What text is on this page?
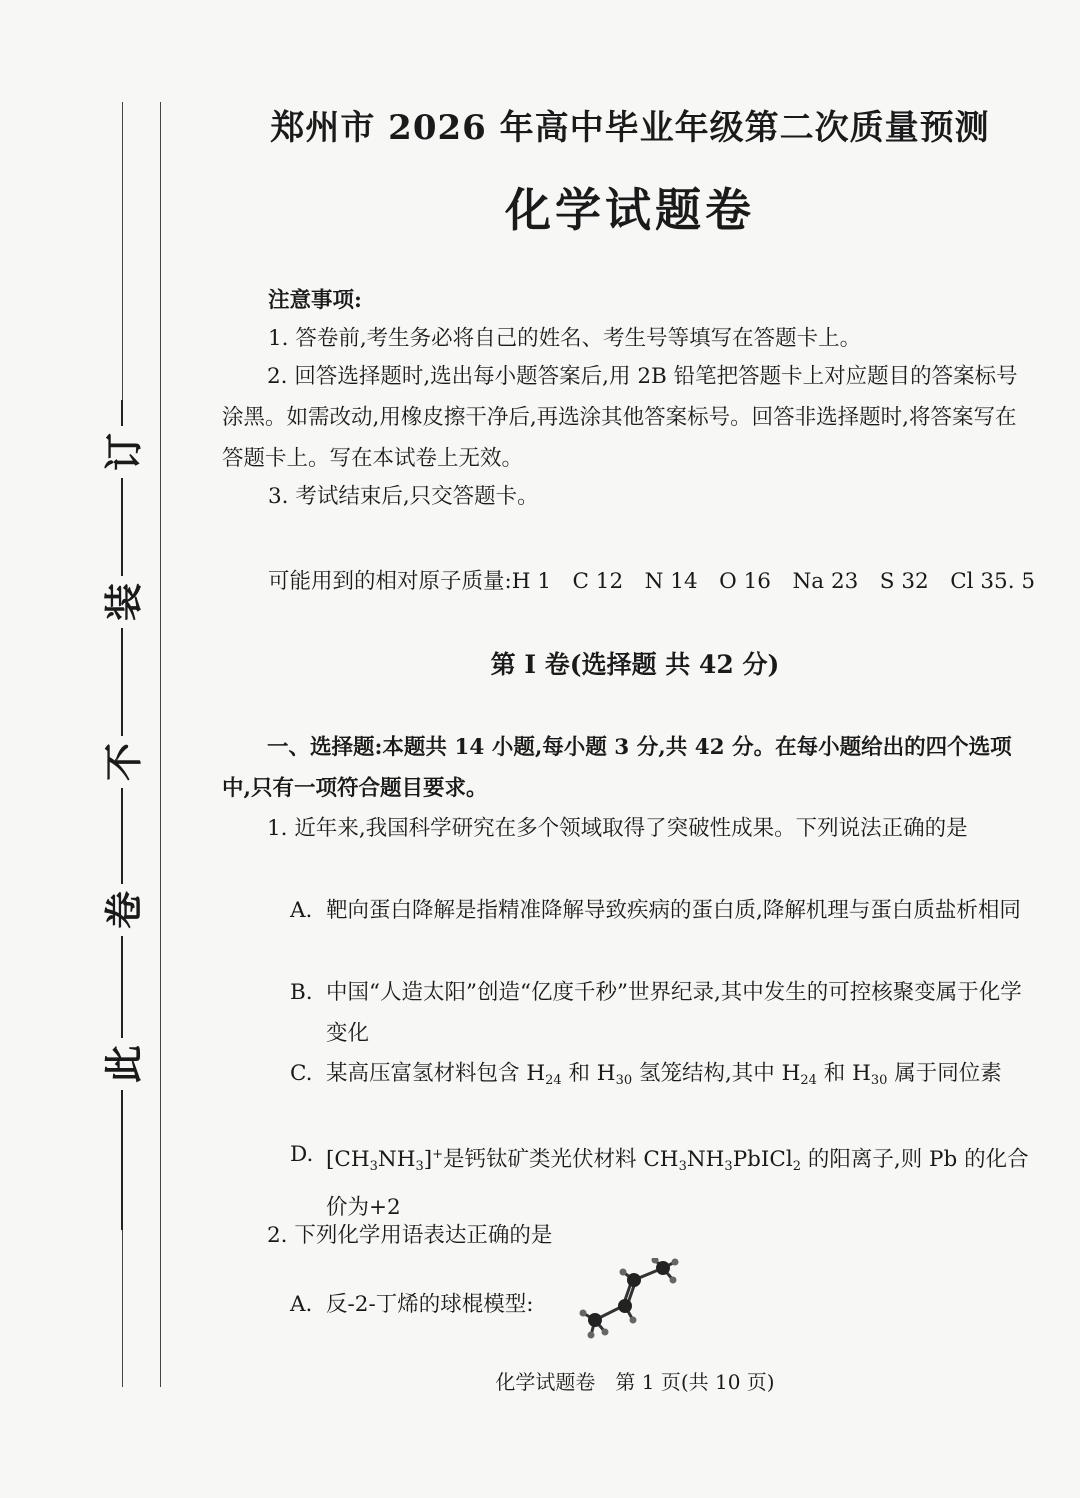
此
卷
不
装
订
郑州市 2026 年高中毕业年级第二次质量预测
化学试题卷
注意事项:
1. 答卷前,考生务必将自己的姓名、考生号等填写在答题卡上。
2. 回答选择题时,选出每小题答案后,用 2B 铅笔把答题卡上对应题目的答案标号涂黑。如需改动,用橡皮擦干净后,再选涂其他答案标号。回答非选择题时,将答案写在答题卡上。写在本试卷上无效。
3. 考试结束后,只交答题卡。
可能用到的相对原子质量:H 1　C 12　N 14　O 16　Na 23　S 32　Cl 35. 5
第 I 卷(选择题 共 42 分)
一、选择题:本题共 14 小题,每小题 3 分,共 42 分。在每小题给出的四个选项中,只有一项符合题目要求。
1. 近年来,我国科学研究在多个领域取得了突破性成果。下列说法正确的是
A. 靶向蛋白降解是指精准降解导致疾病的蛋白质,降解机理与蛋白质盐析相同
B. 中国“人造太阳”创造“亿度千秒”世界纪录,其中发生的可控核聚变属于化学变化
C. 某高压富氢材料包含 $H_{24}$ 和 $H_{30}$ 氢笼结构,其中 $H_{24}$ 和 $H_{30}$ 属于同位素
D. $[CH_3NH_3]^+$是钙钛矿类光伏材料 $CH_3NH_3PbICl_2$ 的阳离子,则 Pb 的化合价为+2
2. 下列化学用语表达正确的是
A. 反-2-丁烯的球棍模型:
化学试题卷　第 1 页(共 10 页)
